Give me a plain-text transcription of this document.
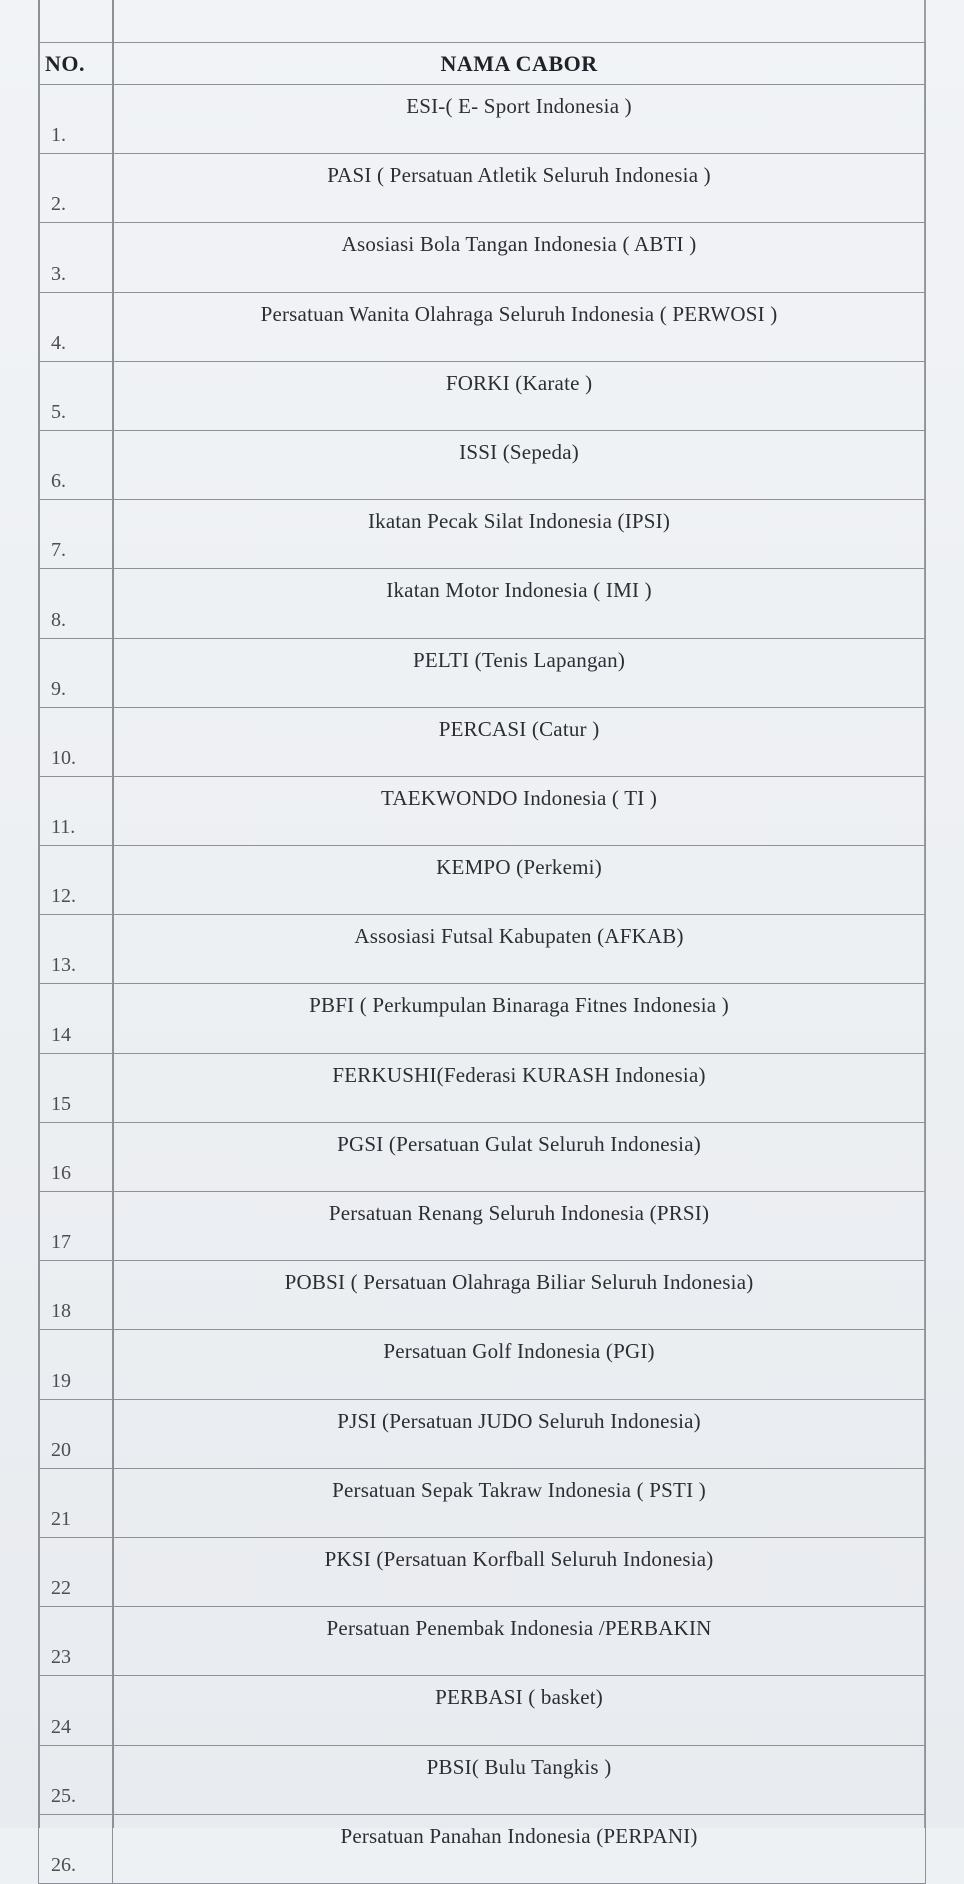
NO.	NAMA CABOR
1.	ESI-( E- Sport Indonesia )
2.	PASI ( Persatuan Atletik Seluruh Indonesia )
3.	Asosiasi Bola Tangan Indonesia ( ABTI )
4.	Persatuan Wanita Olahraga Seluruh Indonesia ( PERWOSI )
5.	FORKI (Karate )
6.	ISSI (Sepeda)
7.	Ikatan Pecak Silat Indonesia (IPSI)
8.	Ikatan Motor Indonesia ( IMI )
9.	PELTI (Tenis Lapangan)
10.	PERCASI (Catur )
11.	TAEKWONDO Indonesia ( TI )
12.	KEMPO (Perkemi)
13.	Assosiasi Futsal Kabupaten (AFKAB)
14	PBFI ( Perkumpulan Binaraga Fitnes Indonesia )
15	FERKUSHI(Federasi KURASH Indonesia)
16	PGSI (Persatuan Gulat Seluruh Indonesia)
17	Persatuan Renang Seluruh Indonesia (PRSI)
18	POBSI ( Persatuan Olahraga Biliar Seluruh Indonesia)
19	Persatuan Golf Indonesia (PGI)
20	PJSI (Persatuan JUDO Seluruh Indonesia)
21	Persatuan Sepak Takraw Indonesia ( PSTI )
22	PKSI (Persatuan Korfball Seluruh Indonesia)
23	Persatuan Penembak Indonesia /PERBAKIN
24	PERBASI ( basket)
25.	PBSI( Bulu Tangkis )
26.	Persatuan Panahan Indonesia (PERPANI)
